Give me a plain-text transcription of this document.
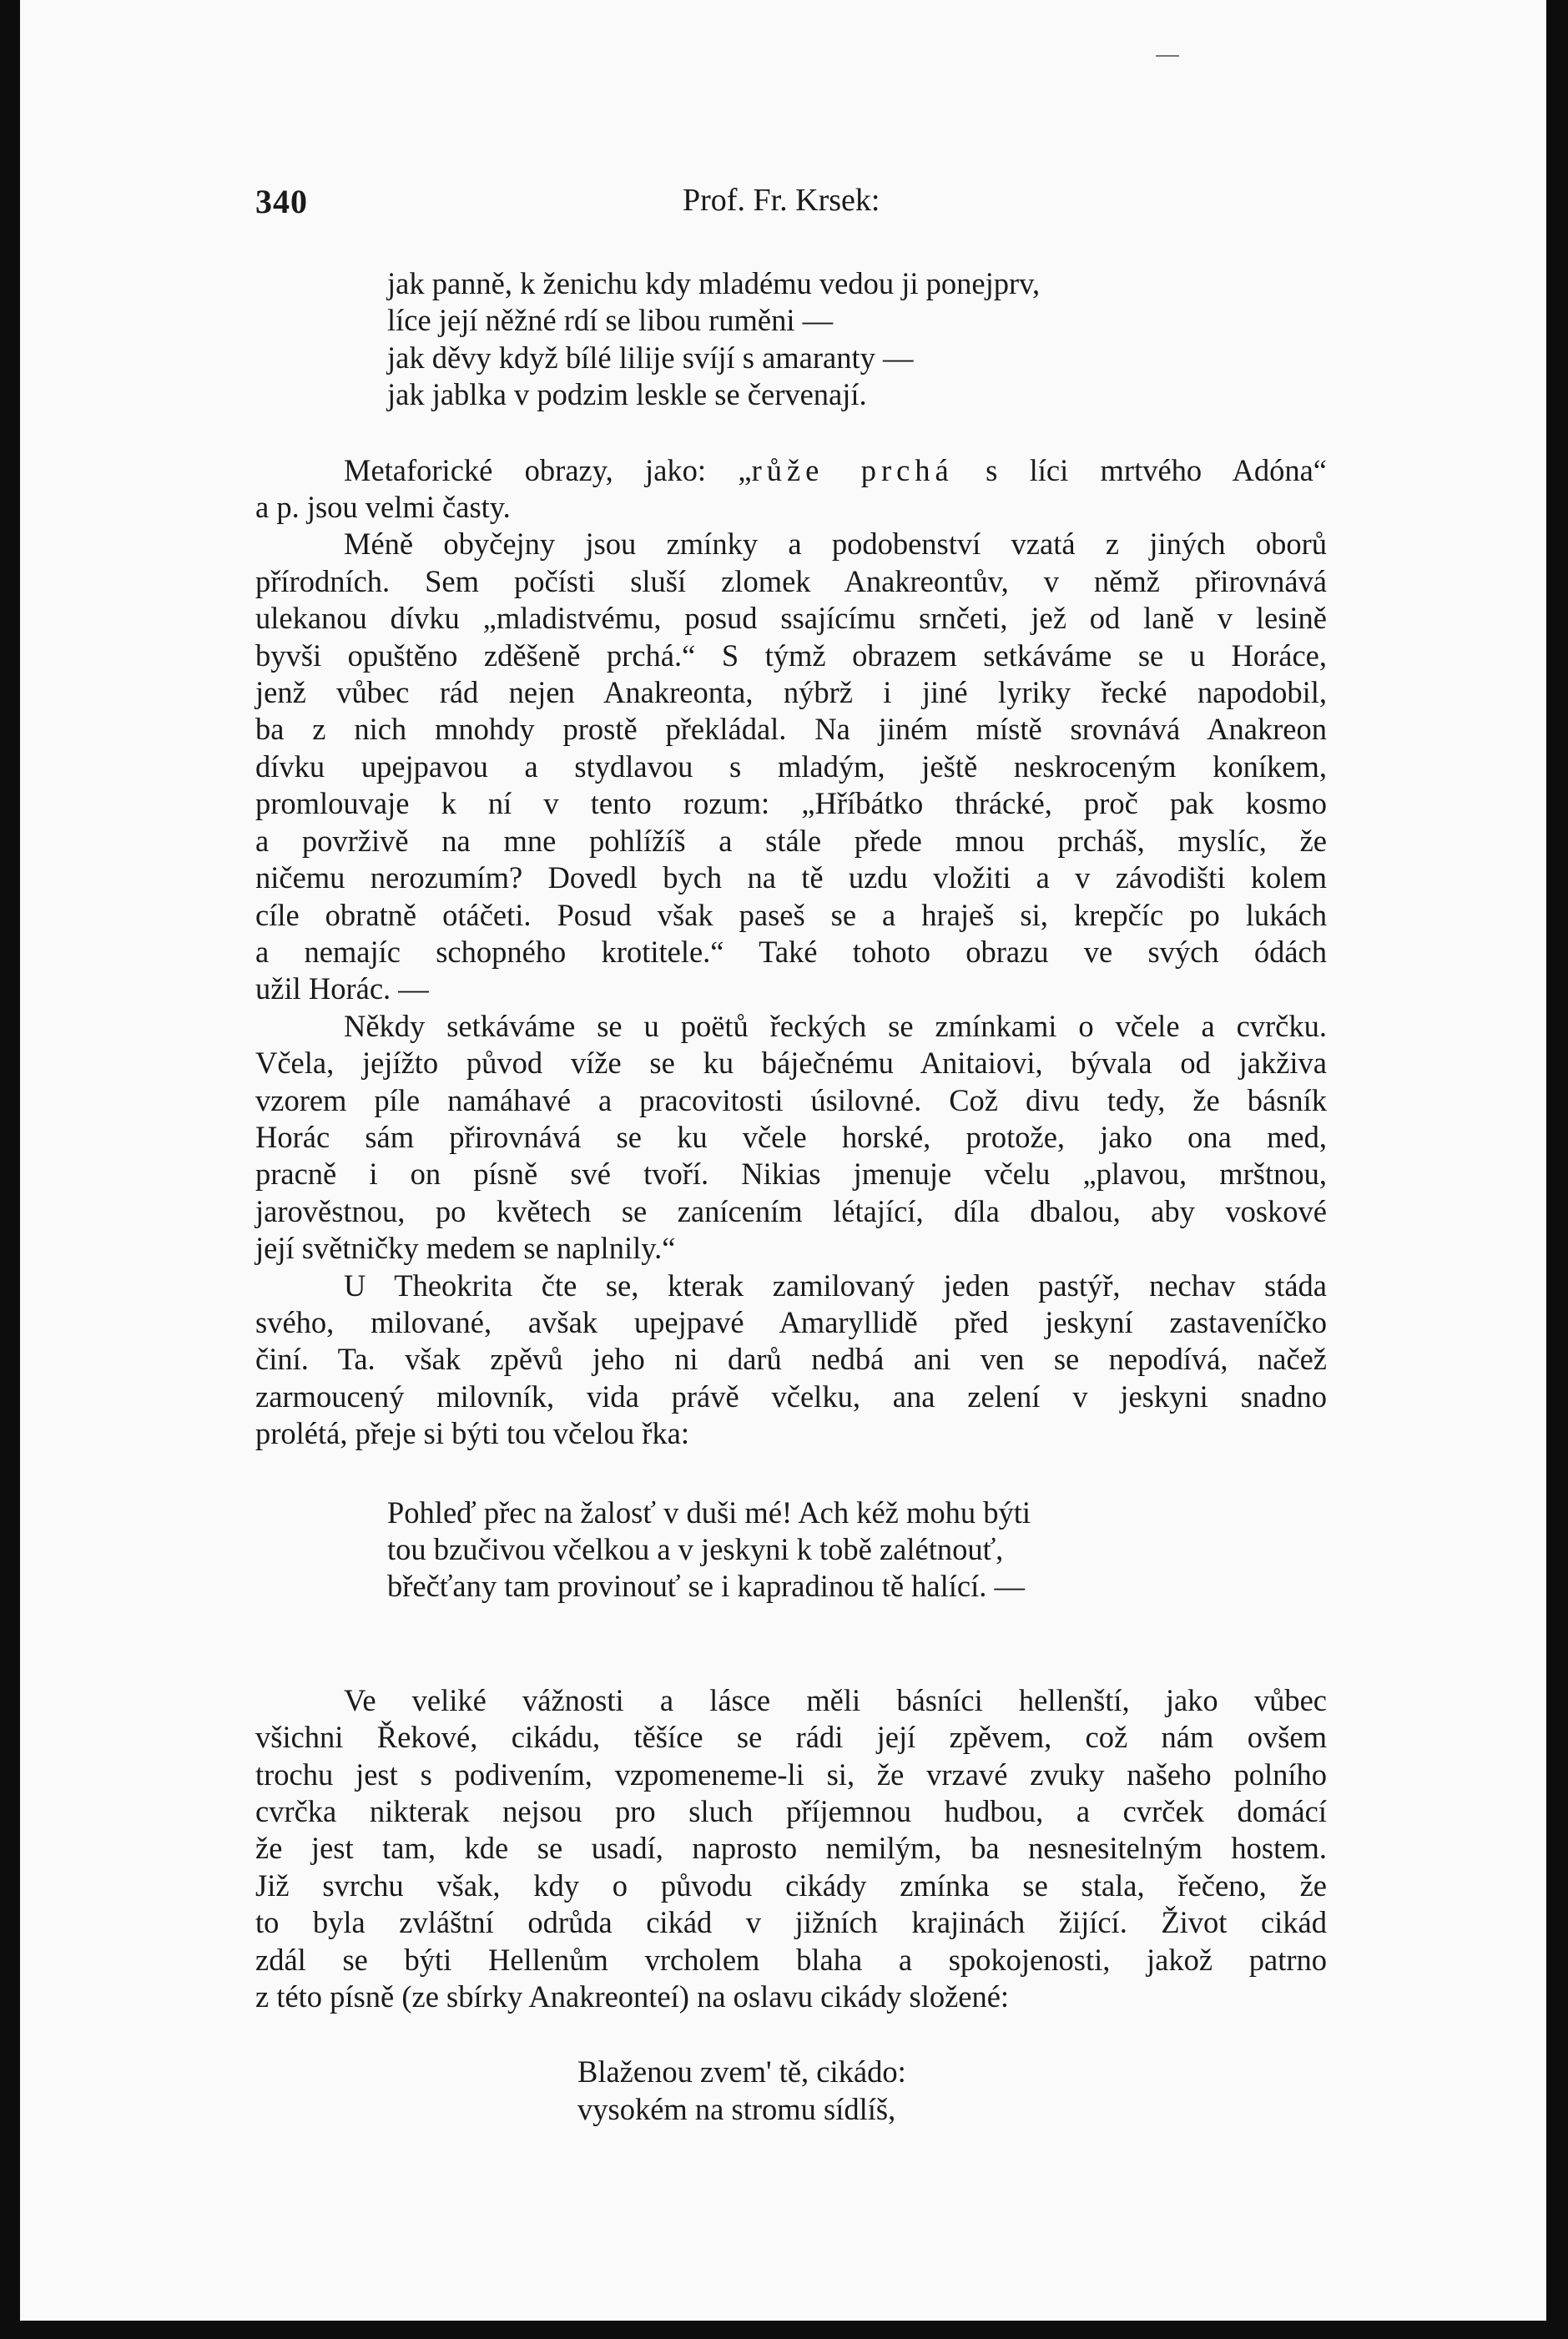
340	Prof. Fr. Krsek:
jak panně, k ženichu kdy mladému vedou ji ponejprv,
líce její něžné rdí se libou ruměni —
jak děvy když bílé lilije svíjí s amaranty —
jak jablka v podzim leskle se červenají.
Metaforické obrazy, jako: „růže prchá s líci mrtvého Adóna“
a p. jsou velmi časty.
Méně obyčejny jsou zmínky a podobenství vzatá z jiných oborů
přírodních. Sem počísti sluší zlomek Anakreontův, v němž přirovnává
ulekanou dívku „mladistvému, posud ssajícímu srnčeti, jež od laně v lesině
byvši opuštěno zděšeně prchá.“ S týmž obrazem setkáváme se u Horáce,
jenž vůbec rád nejen Anakreonta, nýbrž i jiné lyriky řecké napodobil,
ba z nich mnohdy prostě překládal. Na jiném místě srovnává Anakreon
dívku upejpavou a stydlavou s mladým, ještě neskroceným koníkem,
promlouvaje k ní v tento rozum: „Hříbátko thrácké, proč pak kosmo
a povrživě na mne pohlížíš a stále přede mnou prcháš, myslíc, že
ničemu nerozumím? Dovedl bych na tě uzdu vložiti a v závodišti kolem
cíle obratně otáčeti. Posud však paseš se a hraješ si, krepčíc po lukách
a nemajíc schopného krotitele.“ Také tohoto obrazu ve svých ódách
užil Horác. —
Někdy setkáváme se u poëtů řeckých se zmínkami o včele a cvrčku.
Včela, jejížto původ víže se ku báječnému Anitaiovi, bývala od jakživa
vzorem píle namáhavé a pracovitosti úsilovné. Což divu tedy, že básník
Horác sám přirovnává se ku včele horské, protože, jako ona med,
pracně i on písně své tvoří. Nikias jmenuje včelu „plavou, mrštnou,
jarověstnou, po květech se zanícením létající, díla dbalou, aby voskové
její světničky medem se naplnily.“
U Theokrita čte se, kterak zamilovaný jeden pastýř, nechav stáda
svého, milované, avšak upejpavé Amaryllidě před jeskyní zastaveníčko
činí. Ta. však zpěvů jeho ni darů nedbá ani ven se nepodívá, načež
zarmoucený milovník, vida právě včelku, ana zelení v jeskyni snadno
prolétá, přeje si býti tou včelou řka:
Pohleď přec na žalosť v duši mé! Ach kéž mohu býti
tou bzučivou včelkou a v jeskyni k tobě zalétnouť,
břečťany tam provinouť se i kapradinou tě halící. —
Ve veliké vážnosti a lásce měli básníci hellenští, jako vůbec
všichni Řekové, cikádu, těšíce se rádi její zpěvem, což nám ovšem
trochu jest s podivením, vzpomeneme-li si, že vrzavé zvuky našeho polního
cvrčka nikterak nejsou pro sluch příjemnou hudbou, a cvrček domácí
že jest tam, kde se usadí, naprosto nemilým, ba nesnesitelným hostem.
Již svrchu však, kdy o původu cikády zmínka se stala, řečeno, že
to byla zvláštní odrůda cikád v jižních krajinách žijící. Život cikád
zdál se býti Hellenům vrcholem blaha a spokojenosti, jakož patrno
z této písně (ze sbírky Anakreonteí) na oslavu cikády složené:
Blaženou zvem' tě, cikádo:
vysokém na stromu sídlíš,
